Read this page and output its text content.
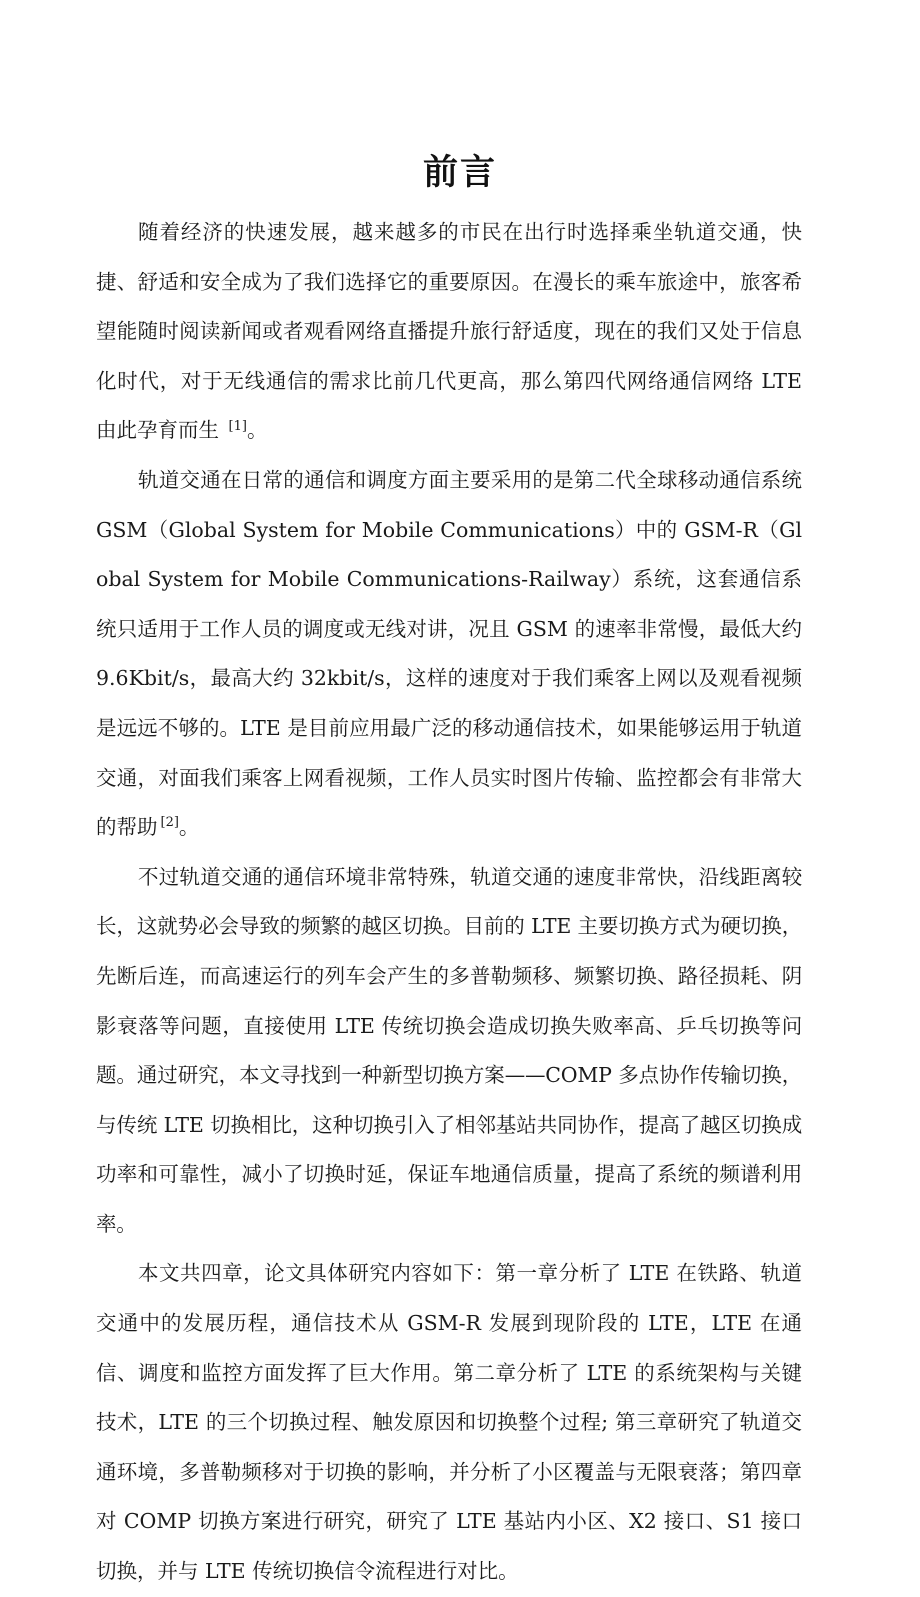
前言

随着经济的快速发展，越来越多的市民在出行时选择乘坐轨道交通，快捷、舒适和安全成为了我们选择它的重要原因。在漫长的乘车旅途中，旅客希望能随时阅读新闻或者观看网络直播提升旅行舒适度，现在的我们又处于信息化时代，对于无线通信的需求比前几代更高，那么第四代网络通信网络 LTE 由此孕育而生 [1]。

轨道交通在日常的通信和调度方面主要采用的是第二代全球移动通信系统 GSM（Global System for Mobile Communications）中的 GSM-R（Global System for Mobile Communications-Railway）系统，这套通信系统只适用于工作人员的调度或无线对讲，况且 GSM 的速率非常慢，最低大约 9.6Kbit/s，最高大约 32kbit/s，这样的速度对于我们乘客上网以及观看视频是远远不够的。LTE 是目前应用最广泛的移动通信技术，如果能够运用于轨道交通，对面我们乘客上网看视频，工作人员实时图片传输、监控都会有非常大的帮助 [2]。

不过轨道交通的通信环境非常特殊，轨道交通的速度非常快，沿线距离较长，这就势必会导致的频繁的越区切换。目前的 LTE 主要切换方式为硬切换，先断后连，而高速运行的列车会产生的多普勒频移、频繁切换、路径损耗、阴影衰落等问题，直接使用 LTE 传统切换会造成切换失败率高、乒乓切换等问题。通过研究，本文寻找到一种新型切换方案——COMP 多点协作传输切换，与传统 LTE 切换相比，这种切换引入了相邻基站共同协作，提高了越区切换成功率和可靠性，减小了切换时延，保证车地通信质量，提高了系统的频谱利用率。

本文共四章，论文具体研究内容如下：第一章分析了 LTE 在铁路、轨道交通中的发展历程，通信技术从 GSM-R 发展到现阶段的 LTE，LTE 在通信、调度和监控方面发挥了巨大作用。第二章分析了 LTE 的系统架构与关键技术，LTE 的三个切换过程、触发原因和切换整个过程; 第三章研究了轨道交通环境，多普勒频移对于切换的影响，并分析了小区覆盖与无限衰落；第四章对 COMP 切换方案进行研究，研究了 LTE 基站内小区、X2 接口、S1 接口切换，并与 LTE 传统切换信令流程进行对比。
